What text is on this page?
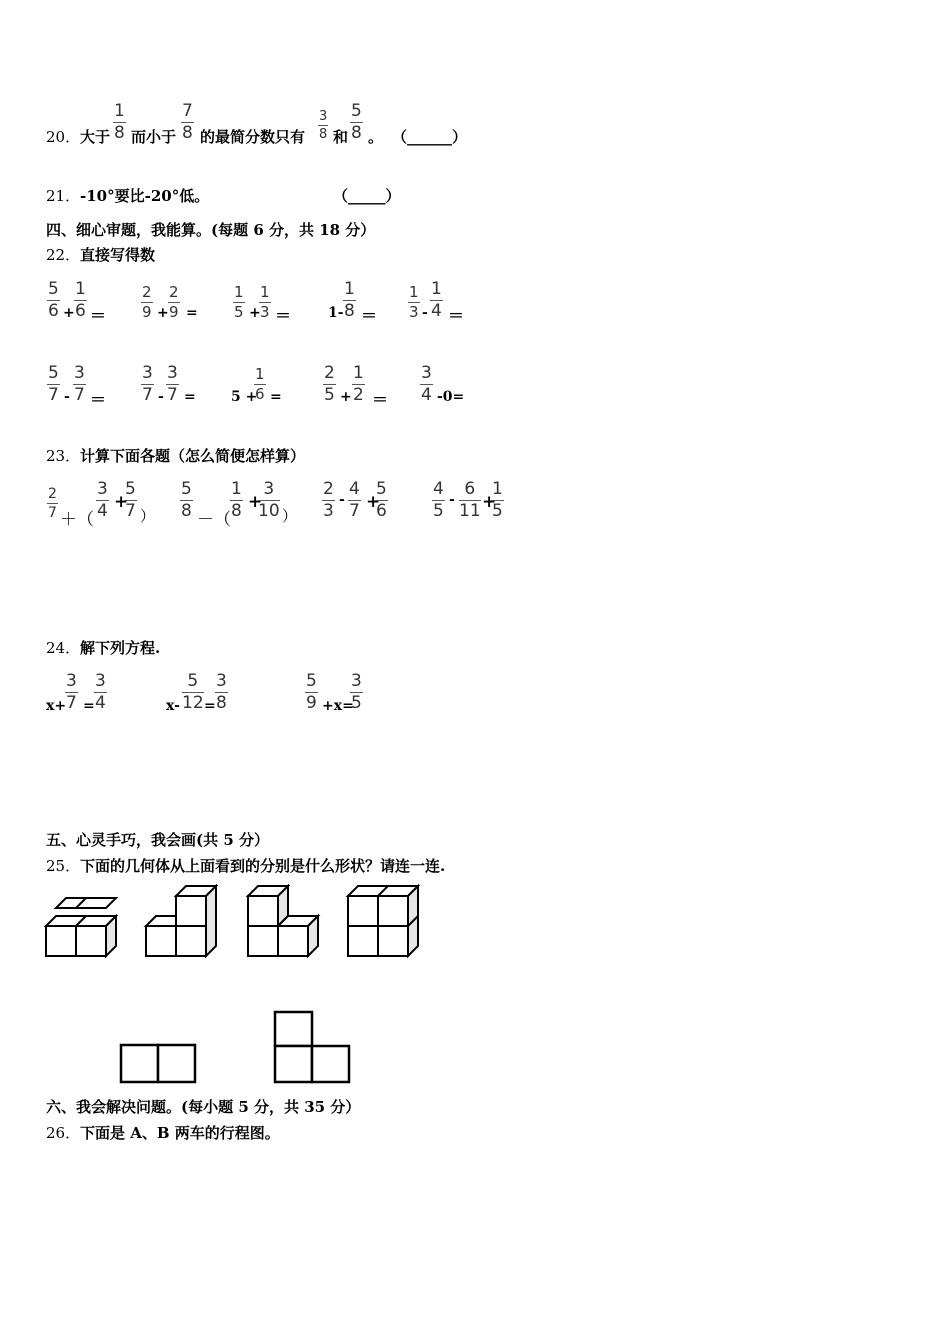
20． 大于
1
8 而小于
7
8 的最简分数只有
3
8 和
5
8 。 （______）
21． -10°要比-20°低。	（_____）
四、细心审题，我能算。(每题 6 分，共 18 分）
22． 直接写得数
5
6 +
1
6 ＝
2
9 +
2
9 =
1
5 +
1
3 ＝	1-
1
8 ＝
1
3 -
1
4 ＝
5
7 -
3
7 ＝
3
7 -
3
7 =	5 +
1
6 =
2
5 +
1
2 ＝
3
4 -0=
23． 计算下面各题（怎么简便怎样算）
2
7 ＋（
3
4 +
5
7 ）
5
8 －（
1
8 +
3
10 ）
2
3
-
4
7 +
5
6
4
5
-
6
11 +
1
5
24． 解下列方程.
x+
3
7 =
3
4	x-
5
12 =
3
8
5
9 +x=
3
5
五、心灵手巧，我会画(共 5 分）
25． 下面的几何体从上面看到的分别是什么形状？请连一连.
六、我会解决问题。(每小题 5 分，共 35 分）
26． 下面是 A、B 两车的行程图。
